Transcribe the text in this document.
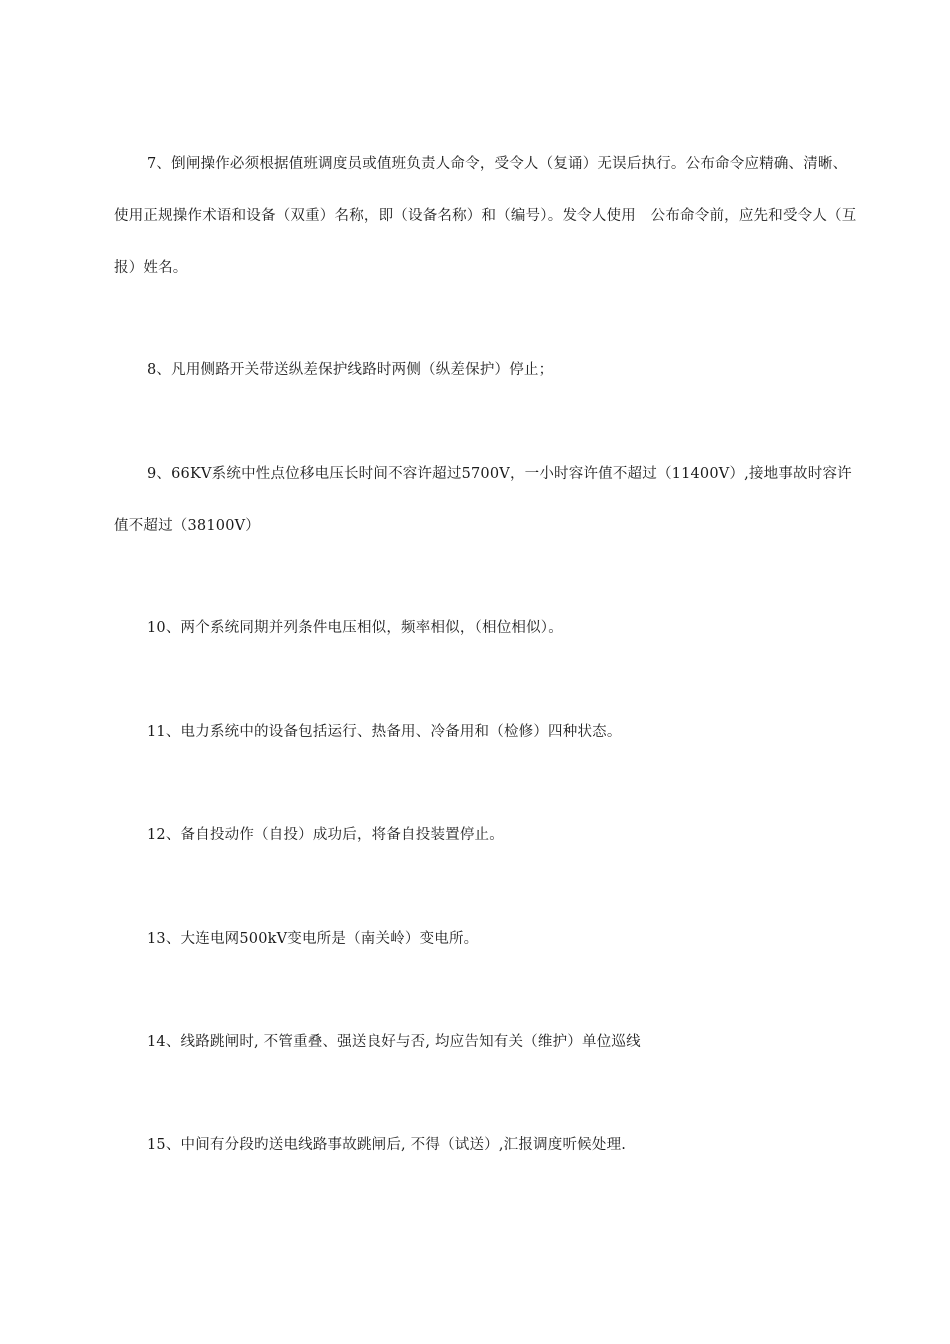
7、倒闸操作必须根据值班调度员或值班负责人命令，受令人（复诵）无误后执行。公布命令应精确、清晰、使用正规操作术语和设备（双重）名称，即（设备名称）和（编号）。发令人使用　公布命令前，应先和受令人（互报）姓名。

8、凡用侧路开关带送纵差保护线路时两侧（纵差保护）停止；

9、66KV系统中性点位移电压长时间不容许超过5700V，一小时容许值不超过（11400V）,接地事故时容许值不超过（38100V）

10、两个系统同期并列条件电压相似，频率相似，（相位相似）。

11、电力系统中的设备包括运行、热备用、冷备用和（检修）四种状态。

12、备自投动作（自投）成功后，将备自投装置停止。

13、大连电网500kV变电所是（南关岭）变电所。

14、线路跳闸时, 不管重叠、强送良好与否, 均应告知有关（维护）单位巡线

15、中间有分段旳送电线路事故跳闸后, 不得（试送）,汇报调度听候处理.
